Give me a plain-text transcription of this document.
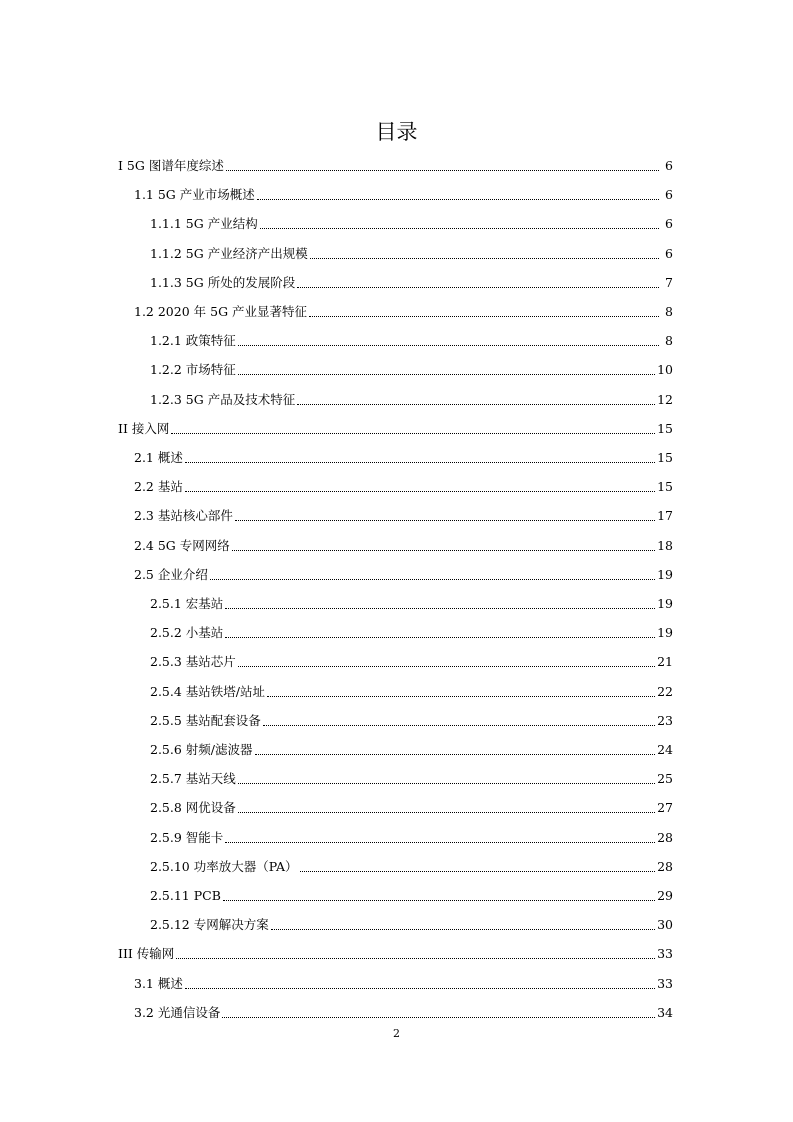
目录
I 5G 图谱年度综述	6
1.1 5G 产业市场概述	6
1.1.1 5G 产业结构	6
1.1.2 5G 产业经济产出规模	6
1.1.3 5G 所处的发展阶段	7
1.2 2020 年 5G 产业显著特征	8
1.2.1 政策特征	8
1.2.2 市场特征	10
1.2.3 5G 产品及技术特征	12
II 接入网	15
2.1 概述	15
2.2 基站	15
2.3 基站核心部件	17
2.4 5G 专网网络	18
2.5 企业介绍	19
2.5.1 宏基站	19
2.5.2 小基站	19
2.5.3 基站芯片	21
2.5.4 基站铁塔/站址	22
2.5.5 基站配套设备	23
2.5.6 射频/滤波器	24
2.5.7 基站天线	25
2.5.8 网优设备	27
2.5.9 智能卡	28
2.5.10 功率放大器（PA）	28
2.5.11 PCB	29
2.5.12 专网解决方案	30
III 传输网	33
3.1 概述	33
3.2 光通信设备	34
2
